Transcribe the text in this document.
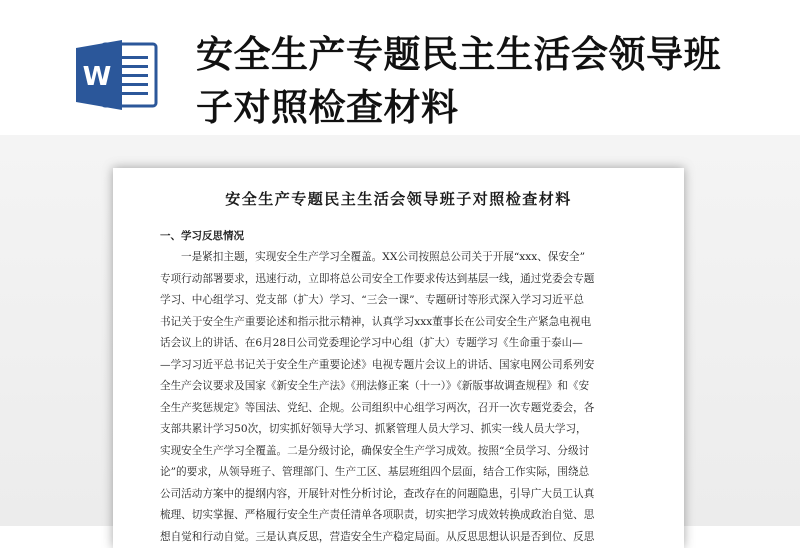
W
安全生产专题民主生活会领导班
子对照检查材料
安全生产专题民主生活会领导班子对照检查材料
一、学习反思情况
一是紧扣主题，实现安全生产学习全覆盖。XX公司按照总公司关于开展“xxx、保安全”
专项行动部署要求，迅速行动，立即将总公司安全工作要求传达到基层一线，通过党委会专题
学习、中心组学习、党支部（扩大）学习、“三会一课”、专题研讨等形式深入学习习近平总
书记关于安全生产重要论述和指示批示精神，认真学习xxx董事长在公司安全生产紧急电视电
话会议上的讲话、在6月28日公司党委理论学习中心组（扩大）专题学习《生命重于泰山—
—学习习近平总书记关于安全生产重要论述》电视专题片会议上的讲话、国家电网公司系列安
全生产会议要求及国家《新安全生产法》《刑法修正案（十一）》《新版事故调查规程》和《安
全生产奖惩规定》等国法、党纪、企规。公司组织中心组学习两次，召开一次专题党委会，各
支部共累计学习50次，切实抓好领导大学习、抓紧管理人员大学习、抓实一线人员大学习，
实现安全生产学习全覆盖。二是分级讨论，确保安全生产学习成效。按照“全员学习、分级讨
论”的要求，从领导班子、管理部门、生产工区、基层班组四个层面，结合工作实际，围绕总
公司活动方案中的提纲内容，开展针对性分析讨论，查改存在的问题隐患，引导广大员工认真
梳理、切实掌握、严格履行安全生产责任清单各项职责，切实把学习成效转换成政治自觉、思
想自觉和行动自觉。三是认真反思，营造安全生产稳定局面。从反思思想认识是否到位、反思
